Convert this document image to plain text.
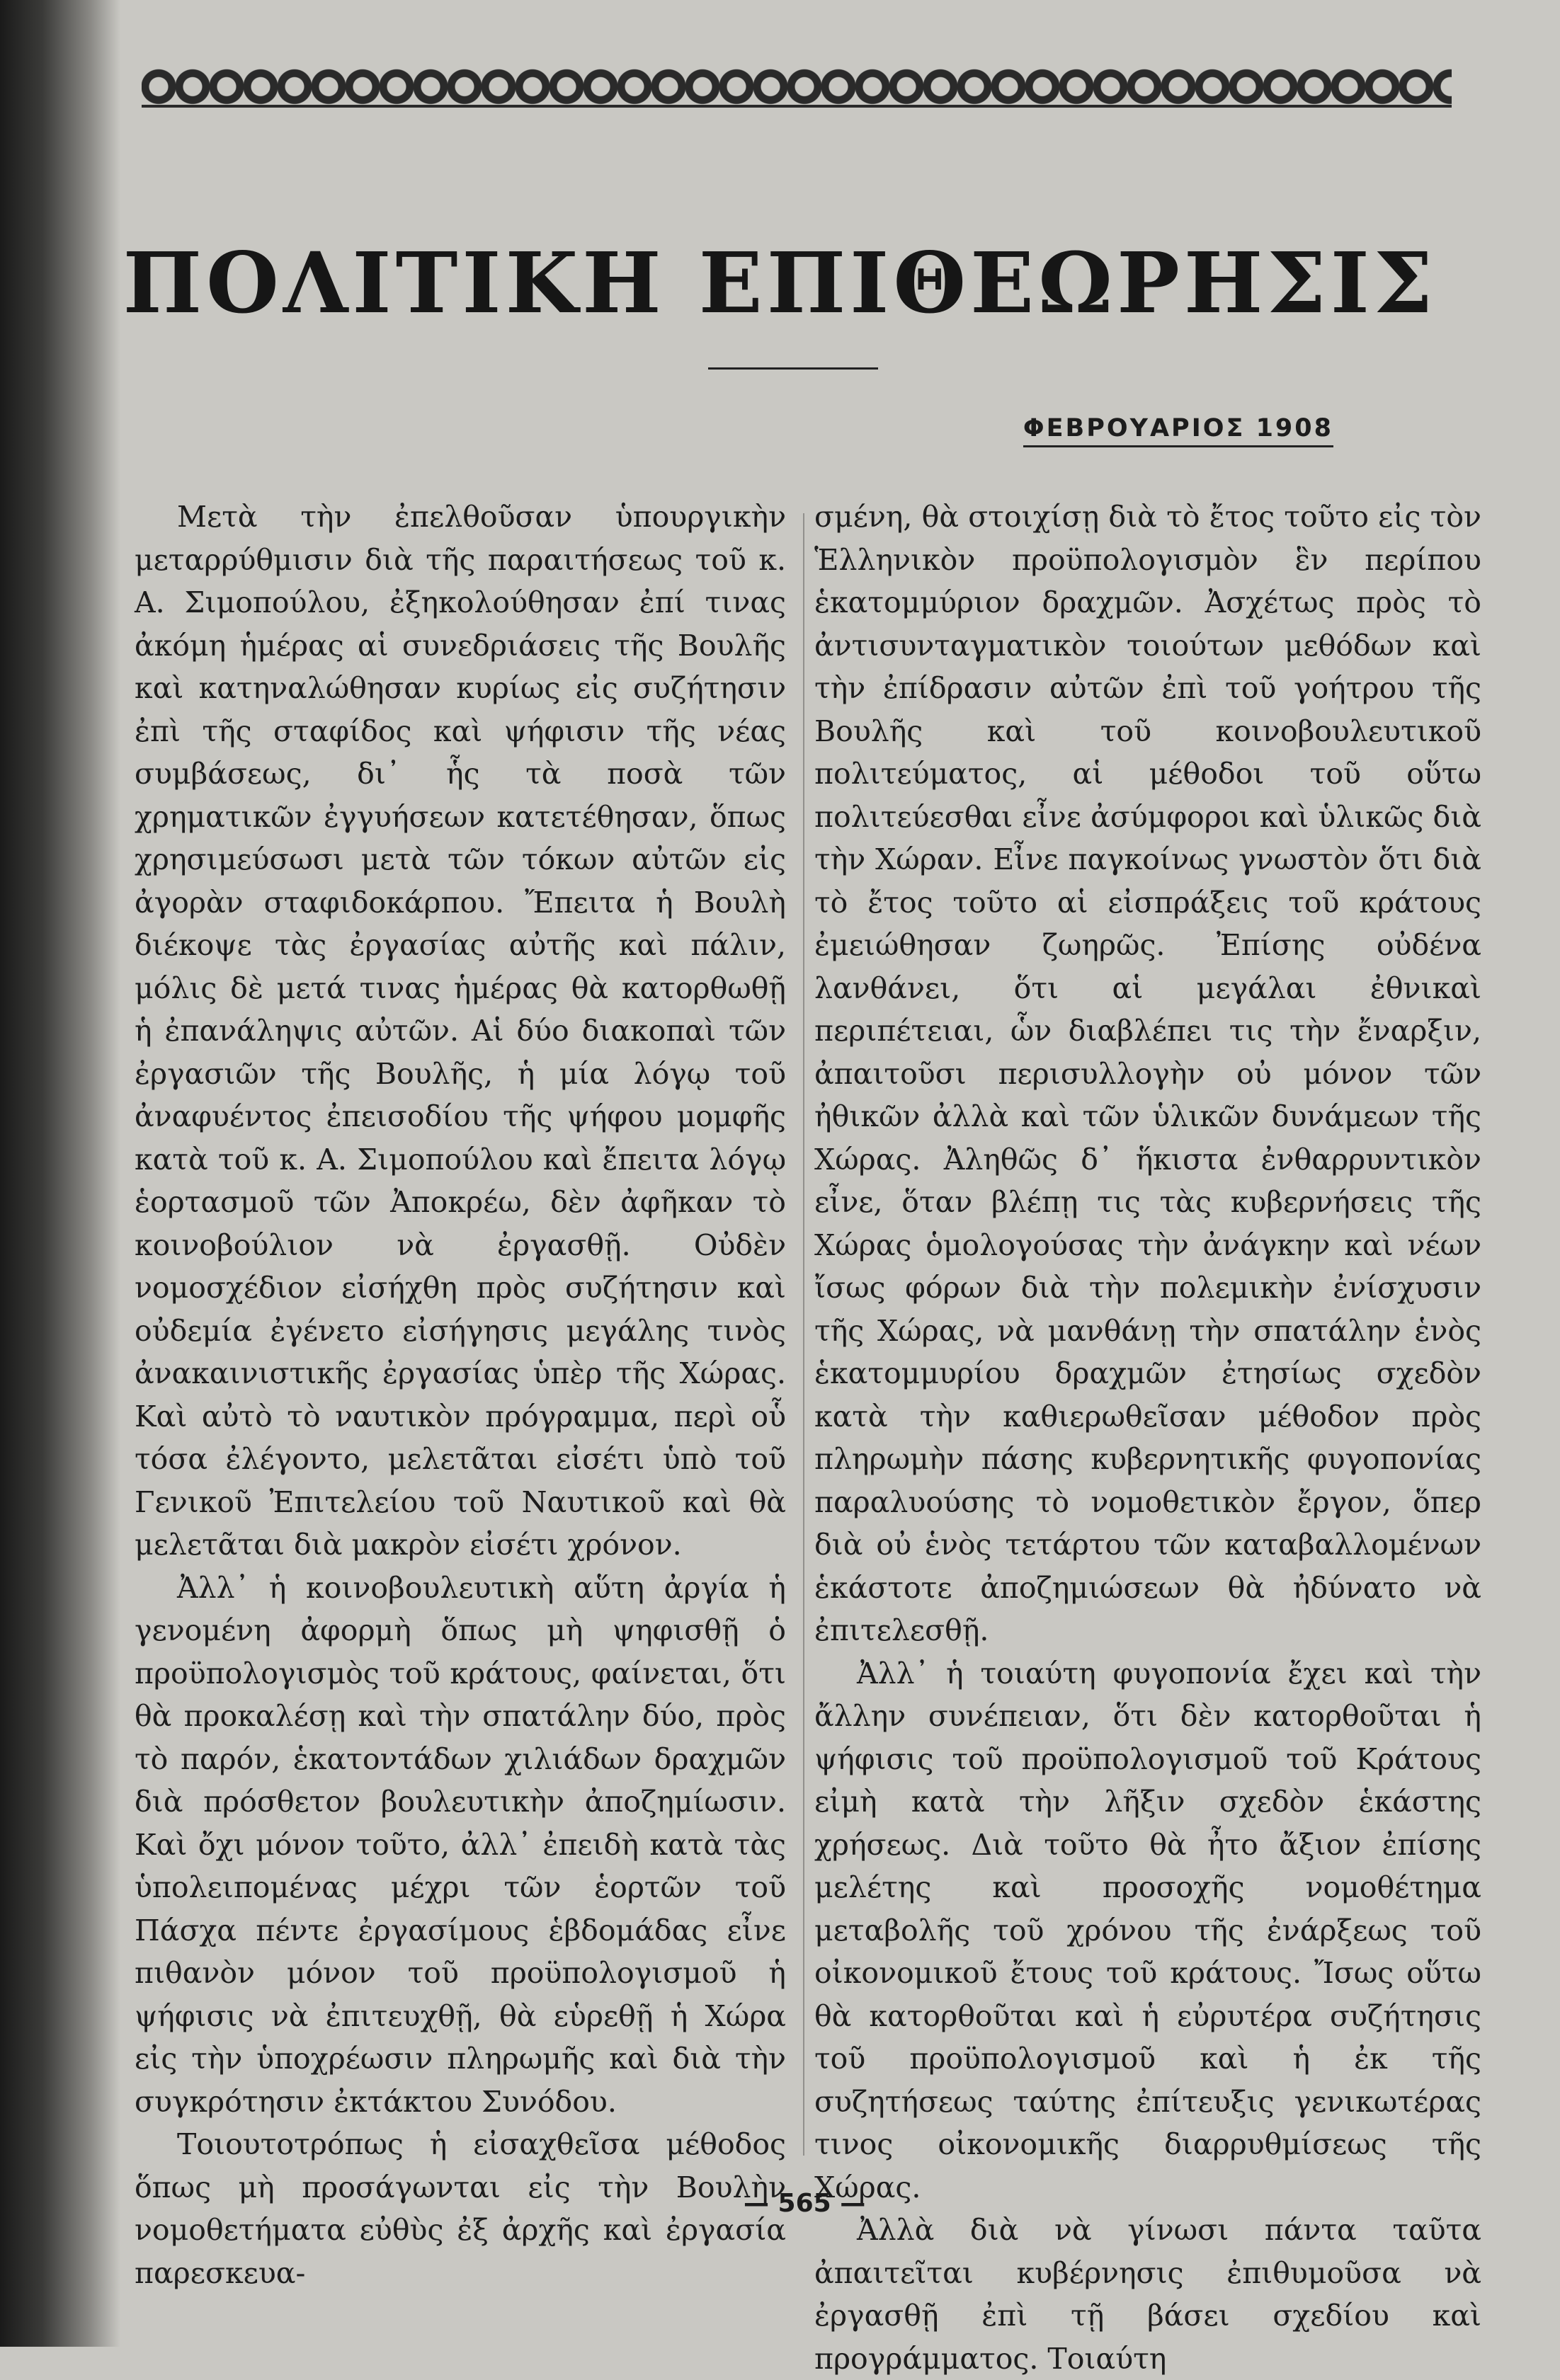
ΠΟΛΙΤΙΚΗ ΕΠΙΘΕΩΡΗΣΙΣ
ΦΕΒΡΟΥΑΡΙΟΣ 1908

Μετὰ τὴν ἐπελθοῦσαν ὑπουργικὴν μεταρρύθμισιν διὰ τῆς παραιτήσεως τοῦ κ. Α. Σιμοπούλου, ἐξηκολούθησαν ἐπί τινας ἀκόμη ἡμέρας αἱ συνεδριάσεις τῆς Βουλῆς καὶ κατηναλώθησαν κυρίως εἰς συζήτησιν ἐπὶ τῆς σταφίδος καὶ ψήφισιν τῆς νέας συμβάσεως, δι᾽ ἧς τὰ ποσὰ τῶν χρηματικῶν ἐγγυήσεων κατετέθησαν, ὅπως χρησιμεύσωσι μετὰ τῶν τόκων αὐτῶν εἰς ἀγορὰν σταφιδοκάρπου. Ἔπειτα ἡ Βουλὴ διέκοψε τὰς ἐργασίας αὐτῆς καὶ πάλιν, μόλις δὲ μετά τινας ἡμέρας θὰ κατορθωθῇ ἡ ἐπανάληψις αὐτῶν. Αἱ δύο διακοπαὶ τῶν ἐργασιῶν τῆς Βουλῆς, ἡ μία λόγῳ τοῦ ἀναφυέντος ἐπεισοδίου τῆς ψήφου μομφῆς κατὰ τοῦ κ. Α. Σιμοπούλου καὶ ἔπειτα λόγῳ ἑορτασμοῦ τῶν Ἀποκρέω, δὲν ἀφῆκαν τὸ κοινοβούλιον νὰ ἐργασθῇ. Οὐδὲν νομοσχέδιον εἰσήχθη πρὸς συζήτησιν καὶ οὐδεμία ἐγένετο εἰσήγησις μεγάλης τινὸς ἀνακαινιστικῆς ἐργασίας ὑπὲρ τῆς Χώρας. Καὶ αὐτὸ τὸ ναυτικὸν πρόγραμμα, περὶ οὗ τόσα ἐλέγοντο, μελετᾶται εἰσέτι ὑπὸ τοῦ Γενικοῦ Ἐπιτελείου τοῦ Ναυτικοῦ καὶ θὰ μελετᾶται διὰ μακρὸν εἰσέτι χρόνον.

Ἀλλ᾽ ἡ κοινοβουλευτικὴ αὕτη ἀργία ἡ γενομένη ἀφορμὴ ὅπως μὴ ψηφισθῇ ὁ προϋπολογισμὸς τοῦ κράτους, φαίνεται, ὅτι θὰ προκαλέσῃ καὶ τὴν σπατάλην δύο, πρὸς τὸ παρόν, ἑκατοντάδων χιλιάδων δραχμῶν διὰ πρόσθετον βουλευτικὴν ἀποζημίωσιν. Καὶ ὄχι μόνον τοῦτο, ἀλλ᾽ ἐπειδὴ κατὰ τὰς ὑπολειπομένας μέχρι τῶν ἑορτῶν τοῦ Πάσχα πέντε ἐργασίμους ἑβδομάδας εἶνε πιθανὸν μόνον τοῦ προϋπολογισμοῦ ἡ ψήφισις νὰ ἐπιτευχθῇ, θὰ εὑρεθῇ ἡ Χώρα εἰς τὴν ὑποχρέωσιν πληρωμῆς καὶ διὰ τὴν συγκρότησιν ἐκτάκτου Συνόδου.

Τοιουτοτρόπως ἡ εἰσαχθεῖσα μέθοδος ὅπως μὴ προσάγωνται εἰς τὴν Βουλὴν νομοθετήματα εὐθὺς ἐξ ἀρχῆς καὶ ἐργασία παρεσκευα-

σμένη, θὰ στοιχίσῃ διὰ τὸ ἔτος τοῦτο εἰς τὸν Ἑλληνικὸν προϋπολογισμὸν ἓν περίπου ἑκατομμύριον δραχμῶν. Ἀσχέτως πρὸς τὸ ἀντισυνταγματικὸν τοιούτων μεθόδων καὶ τὴν ἐπίδρασιν αὐτῶν ἐπὶ τοῦ γοήτρου τῆς Βουλῆς καὶ τοῦ κοινοβουλευτικοῦ πολιτεύματος, αἱ μέθοδοι τοῦ οὕτω πολιτεύεσθαι εἶνε ἀσύμφοροι καὶ ὑλικῶς διὰ τὴν Χώραν. Εἶνε παγκοίνως γνωστὸν ὅτι διὰ τὸ ἔτος τοῦτο αἱ εἰσπράξεις τοῦ κράτους ἐμειώθησαν ζωηρῶς. Ἐπίσης οὐδένα λανθάνει, ὅτι αἱ μεγάλαι ἐθνικαὶ περιπέτειαι, ὧν διαβλέπει τις τὴν ἔναρξιν, ἀπαιτοῦσι περισυλλογὴν οὐ μόνον τῶν ἠθικῶν ἀλλὰ καὶ τῶν ὑλικῶν δυνάμεων τῆς Χώρας. Ἀληθῶς δ᾽ ἥκιστα ἐνθαρρυντικὸν εἶνε, ὅταν βλέπῃ τις τὰς κυβερνήσεις τῆς Χώρας ὁμολογούσας τὴν ἀνάγκην καὶ νέων ἴσως φόρων διὰ τὴν πολεμικὴν ἐνίσχυσιν τῆς Χώρας, νὰ μανθάνῃ τὴν σπατάλην ἑνὸς ἑκατομμυρίου δραχμῶν ἐτησίως σχεδὸν κατὰ τὴν καθιερωθεῖσαν μέθοδον πρὸς πληρωμὴν πάσης κυβερνητικῆς φυγοπονίας παραλυούσης τὸ νομοθετικὸν ἔργον, ὅπερ διὰ οὐ ἑνὸς τετάρτου τῶν καταβαλλομένων ἑκάστοτε ἀποζημιώσεων θὰ ἠδύνατο νὰ ἐπιτελεσθῇ.

Ἀλλ᾽ ἡ τοιαύτη φυγοπονία ἔχει καὶ τὴν ἄλλην συνέπειαν, ὅτι δὲν κατορθοῦται ἡ ψήφισις τοῦ προϋπολογισμοῦ τοῦ Κράτους εἰμὴ κατὰ τὴν λῆξιν σχεδὸν ἑκάστης χρήσεως. Διὰ τοῦτο θὰ ἦτο ἄξιον ἐπίσης μελέτης καὶ προσοχῆς νομοθέτημα μεταβολῆς τοῦ χρόνου τῆς ἐνάρξεως τοῦ οἰκονομικοῦ ἔτους τοῦ κράτους. Ἴσως οὕτω θὰ κατορθοῦται καὶ ἡ εὐρυτέρα συζήτησις τοῦ προϋπολογισμοῦ καὶ ἡ ἐκ τῆς συζητήσεως ταύτης ἐπίτευξις γενικωτέρας τινος οἰκονομικῆς διαρρυθμίσεως τῆς Χώρας.

Ἀλλὰ διὰ νὰ γίνωσι πάντα ταῦτα ἀπαιτεῖται κυβέρνησις ἐπιθυμοῦσα νὰ ἐργασθῇ ἐπὶ τῇ βάσει σχεδίου καὶ προγράμματος. Τοιαύτη

— 565 —
